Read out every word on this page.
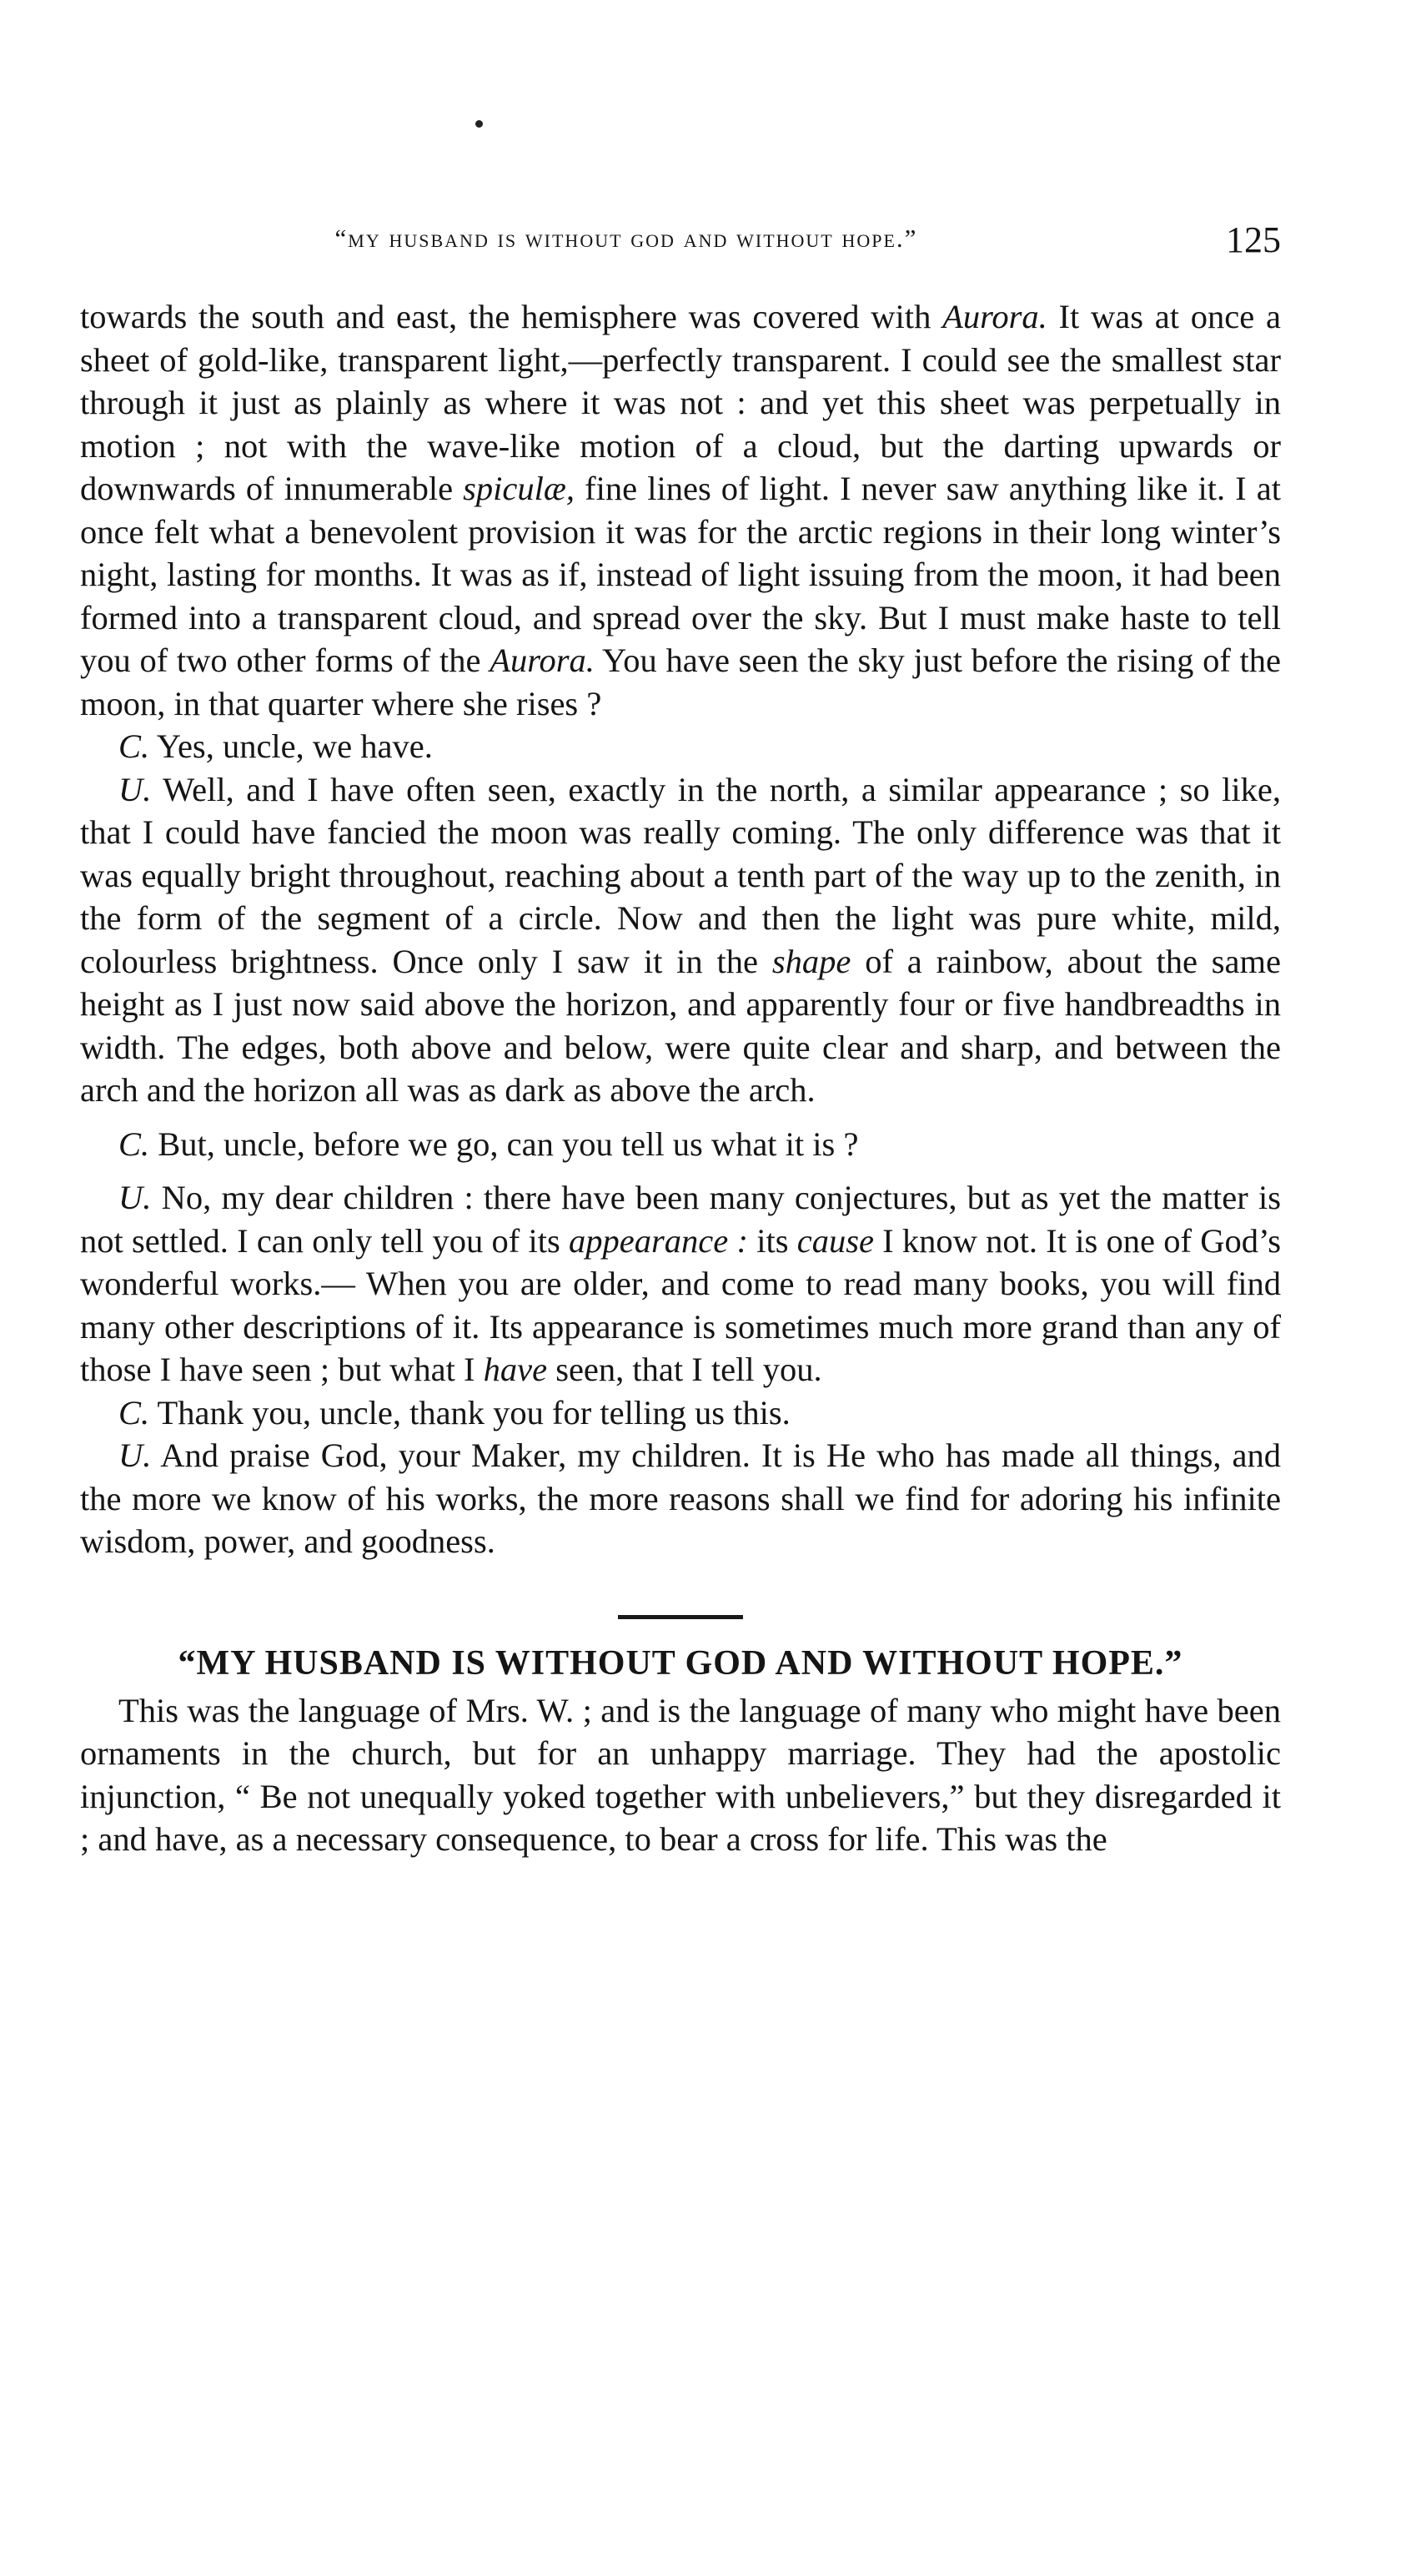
“my husband is without god and without hope.”	125

towards the south and east, the hemisphere was covered with Aurora. It was at once a sheet of gold-like, transparent light,—perfectly transparent. I could see the smallest star through it just as plainly as where it was not : and yet this sheet was perpetually in motion ; not with the wave-like motion of a cloud, but the darting upwards or downwards of innumerable spiculæ, fine lines of light. I never saw anything like it. I at once felt what a benevolent provision it was for the arctic regions in their long winter’s night, lasting for months. It was as if, instead of light issuing from the moon, it had been formed into a transparent cloud, and spread over the sky. But I must make haste to tell you of two other forms of the Aurora. You have seen the sky just before the rising of the moon, in that quarter where she rises ?

C. Yes, uncle, we have.

U. Well, and I have often seen, exactly in the north, a similar appearance ; so like, that I could have fancied the moon was really coming. The only difference was that it was equally bright throughout, reaching about a tenth part of the way up to the zenith, in the form of the segment of a circle. Now and then the light was pure white, mild, colourless brightness. Once only I saw it in the shape of a rainbow, about the same height as I just now said above the horizon, and apparently four or five handbreadths in width. The edges, both above and below, were quite clear and sharp, and between the arch and the horizon all was as dark as above the arch.

C. But, uncle, before we go, can you tell us what it is ?

U. No, my dear children : there have been many conjectures, but as yet the matter is not settled. I can only tell you of its appearance : its cause I know not. It is one of God’s wonderful works.— When you are older, and come to read many books, you will find many other descriptions of it. Its appearance is sometimes much more grand than any of those I have seen ; but what I have seen, that I tell you.

C. Thank you, uncle, thank you for telling us this.

U. And praise God, your Maker, my children. It is He who has made all things, and the more we know of his works, the more reasons shall we find for adoring his infinite wisdom, power, and goodness.

“MY HUSBAND IS WITHOUT GOD AND WITHOUT HOPE.”

This was the language of Mrs. W. ; and is the language of many who might have been ornaments in the church, but for an unhappy marriage. They had the apostolic injunction, “ Be not unequally yoked together with unbelievers,” but they disregarded it ; and have, as a necessary consequence, to bear a cross for life. This was the
